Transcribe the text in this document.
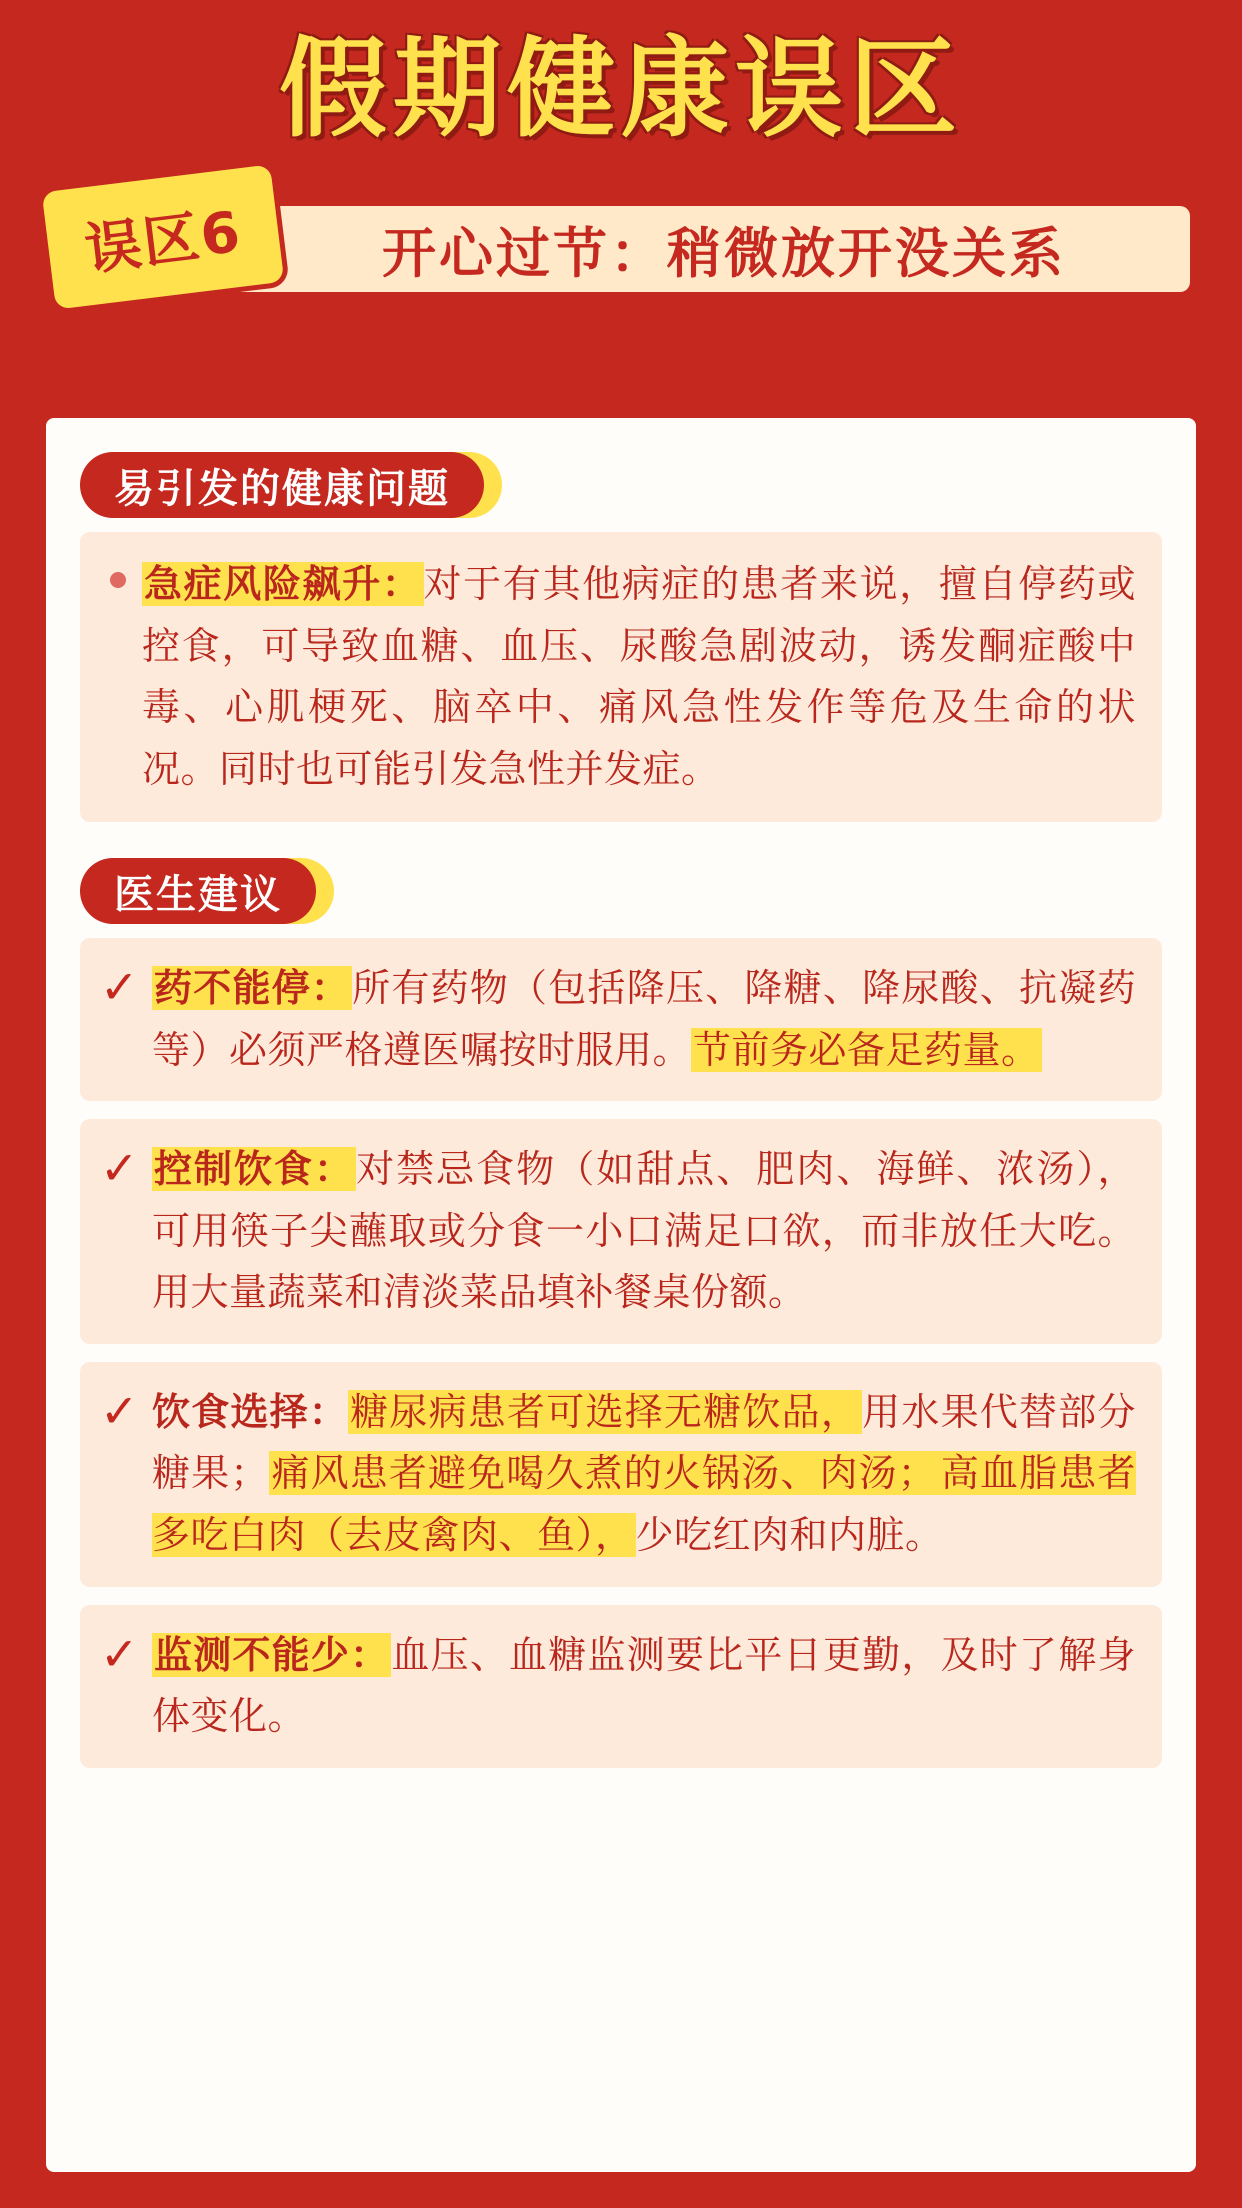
假期健康误区
开心过节：稍微放开没关系
误区6
易引发的健康问题
急症风险飙升：对于有其他病症的患者来说，擅自停药或控食，可导致血糖、血压、尿酸急剧波动，诱发酮症酸中毒、心肌梗死、脑卒中、痛风急性发作等危及生命的状况。同时也可能引发急性并发症。
医生建议
✓ 药不能停：所有药物（包括降压、降糖、降尿酸、抗凝药等）必须严格遵医嘱按时服用。节前务必备足药量。
✓ 控制饮食：对禁忌食物（如甜点、肥肉、海鲜、浓汤），可用筷子尖蘸取或分食一小口满足口欲，而非放任大吃。用大量蔬菜和清淡菜品填补餐桌份额。
✓ 饮食选择：糖尿病患者可选择无糖饮品，用水果代替部分糖果；痛风患者避免喝久煮的火锅汤、肉汤； 高血脂患者多吃白肉（去皮禽肉、鱼），少吃红肉和内脏。
✓ 监测不能少：血压、血糖监测要比平日更勤，及时了解身体变化。
